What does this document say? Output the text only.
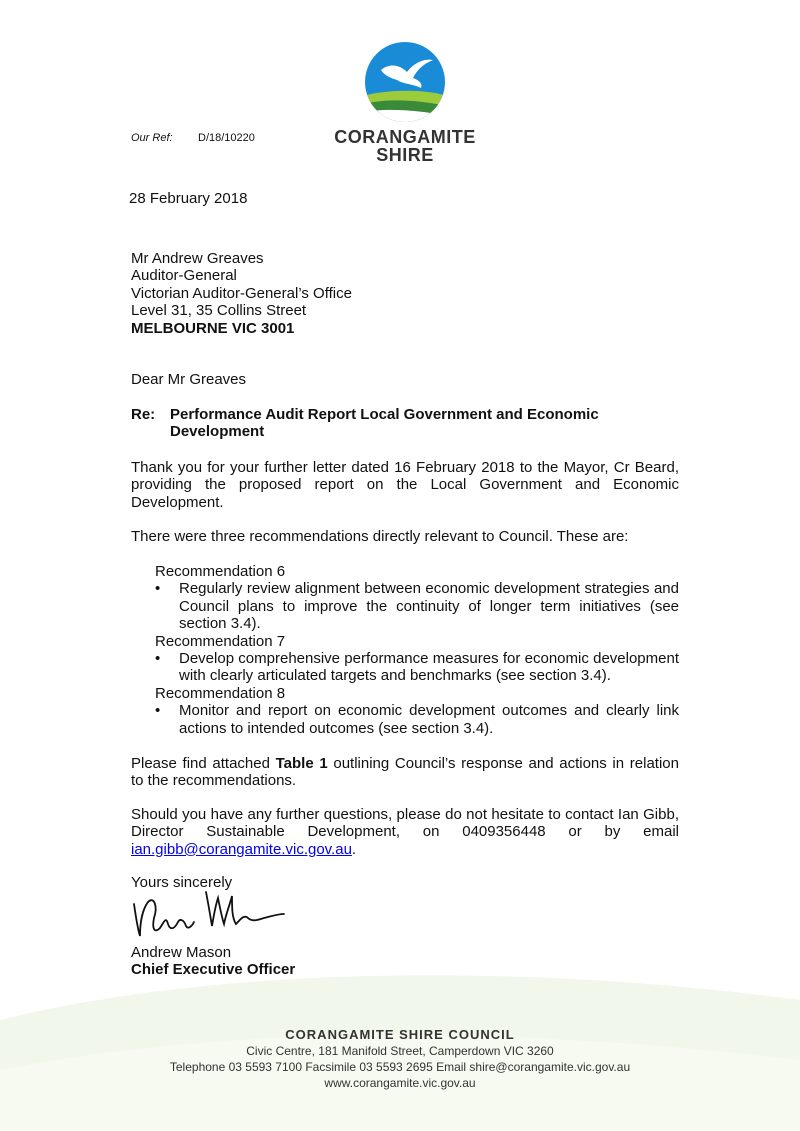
CORANGAMITE
SHIRE
Our Ref: D/18/10220
28 February 2018
Mr Andrew Greaves
Auditor-General
Victorian Auditor-General’s Office
Level 31, 35 Collins Street
MELBOURNE VIC 3001
Dear Mr Greaves
Re: Performance Audit Report Local Government and Economic Development
Thank you for your further letter dated 16 February 2018 to the Mayor, Cr Beard, providing the proposed report on the Local Government and Economic Development.
There were three recommendations directly relevant to Council. These are:
Recommendation 6
• Regularly review alignment between economic development strategies and Council plans to improve the continuity of longer term initiatives (see section 3.4).
Recommendation 7
• Develop comprehensive performance measures for economic development with clearly articulated targets and benchmarks (see section 3.4).
Recommendation 8
• Monitor and report on economic development outcomes and clearly link actions to intended outcomes (see section 3.4).
Please find attached Table 1 outlining Council’s response and actions in relation to the recommendations.
Should you have any further questions, please do not hesitate to contact Ian Gibb, Director Sustainable Development, on 0409356448 or by email ian.gibb@corangamite.vic.gov.au.
Yours sincerely
Andrew Mason
Chief Executive Officer
CORANGAMITE SHIRE COUNCIL
Civic Centre, 181 Manifold Street, Camperdown VIC 3260
Telephone 03 5593 7100 Facsimile 03 5593 2695 Email shire@corangamite.vic.gov.au
www.corangamite.vic.gov.au
